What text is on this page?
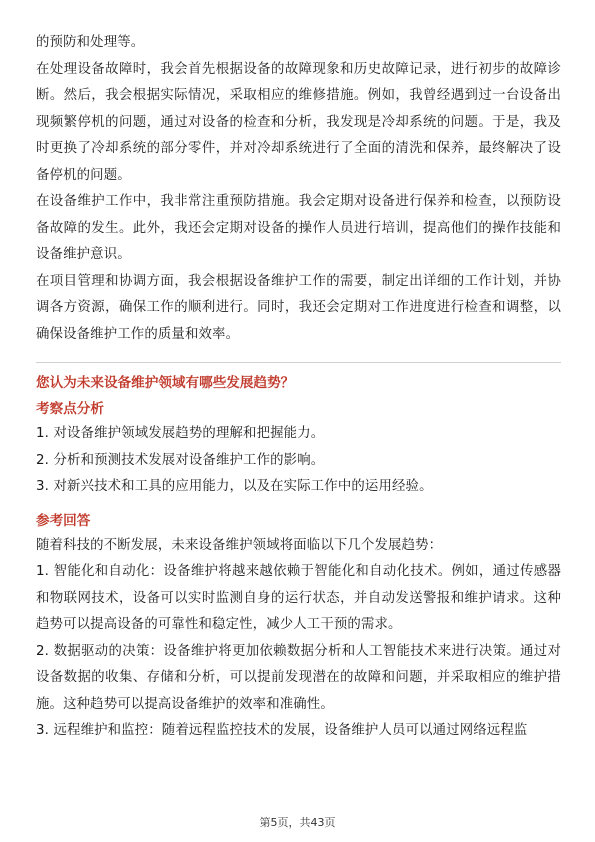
的预防和处理等。

在处理设备故障时，我会首先根据设备的故障现象和历史故障记录，进行初步的故障诊断。然后，我会根据实际情况，采取相应的维修措施。例如，我曾经遇到过一台设备出现频繁停机的问题，通过对设备的检查和分析，我发现是冷却系统的问题。于是，我及时更换了冷却系统的部分零件，并对冷却系统进行了全面的清洗和保养，最终解决了设备停机的问题。

在设备维护工作中，我非常注重预防措施。我会定期对设备进行保养和检查，以预防设备故障的发生。此外，我还会定期对设备的操作人员进行培训，提高他们的操作技能和设备维护意识。

在项目管理和协调方面，我会根据设备维护工作的需要，制定出详细的工作计划，并协调各方资源，确保工作的顺利进行。同时，我还会定期对工作进度进行检查和调整，以确保设备维护工作的质量和效率。

您认为未来设备维护领域有哪些发展趋势？
考察点分析

1. 对设备维护领域发展趋势的理解和把握能力。

2. 分析和预测技术发展对设备维护工作的影响。

3. 对新兴技术和工具的应用能力，以及在实际工作中的运用经验。

参考回答

随着科技的不断发展，未来设备维护领域将面临以下几个发展趋势：

1. 智能化和自动化：设备维护将越来越依赖于智能化和自动化技术。例如，通过传感器和物联网技术，设备可以实时监测自身的运行状态，并自动发送警报和维护请求。这种趋势可以提高设备的可靠性和稳定性，减少人工干预的需求。

2. 数据驱动的决策：设备维护将更加依赖数据分析和人工智能技术来进行决策。通过对设备数据的收集、存储和分析，可以提前发现潜在的故障和问题，并采取相应的维护措施。这种趋势可以提高设备维护的效率和准确性。

3. 远程维护和监控：随着远程监控技术的发展，设备维护人员可以通过网络远程监

第5页，共43页
